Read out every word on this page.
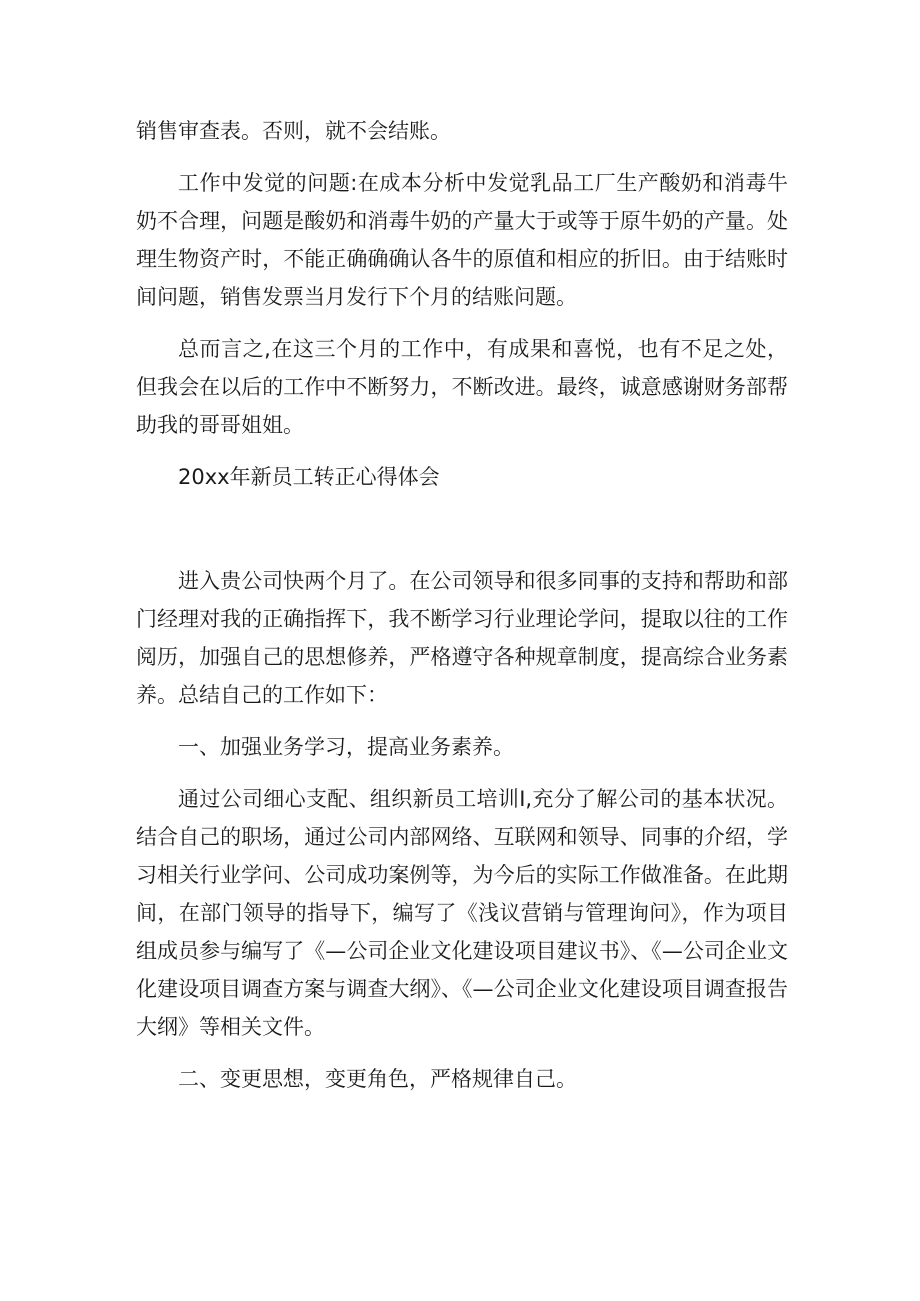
销售审查表。否则，就不会结账。

工作中发觉的问题:在成本分析中发觉乳品工厂生产酸奶和消毒牛奶不合理，问题是酸奶和消毒牛奶的产量大于或等于原牛奶的产量。处理生物资产时，不能正确确确认各牛的原值和相应的折旧。由于结账时间问题，销售发票当月发行下个月的结账问题。

总而言之,在这三个月的工作中，有成果和喜悦，也有不足之处，但我会在以后的工作中不断努力，不断改进。最终，诚意感谢财务部帮助我的哥哥姐姐。

20xx年新员工转正心得体会

进入贵公司快两个月了。在公司领导和很多同事的支持和帮助和部门经理对我的正确指挥下，我不断学习行业理论学问，提取以往的工作阅历，加强自己的思想修养，严格遵守各种规章制度，提高综合业务素养。总结自己的工作如下：

一、加强业务学习，提高业务素养。

通过公司细心支配、组织新员工培训I,充分了解公司的基本状况。结合自己的职场，通过公司内部网络、互联网和领导、同事的介绍，学习相关行业学问、公司成功案例等，为今后的实际工作做准备。在此期间，在部门领导的指导下，编写了《浅议营销与管理询问》，作为项目组成员参与编写了《—公司企业文化建设项目建议书》、《—公司企业文化建设项目调查方案与调查大纲》、《—公司企业文化建设项目调查报告大纲》等相关文件。

二、变更思想，变更角色，严格规律自己。
